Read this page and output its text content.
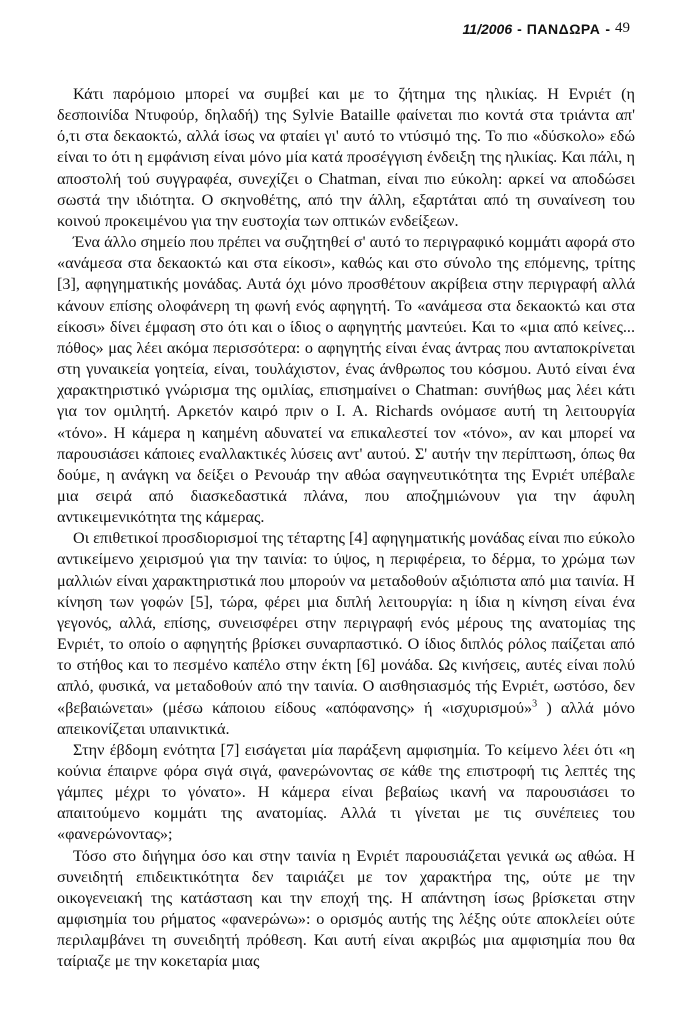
11/2006 - ΠΑΝΔΩΡΑ - 49

Κάτι παρόμοιο μπορεί να συμβεί και με το ζήτημα της ηλικίας. Η Ενριέτ (η δεσποινίδα Ντυφούρ, δηλαδή) της Sylvie Bataille φαίνεται πιο κοντά στα τριάντα απ' ό,τι στα δεκαοκτώ, αλλά ίσως να φταίει γι' αυτό το ντύσιμό της. Το πιο «δύσκολο» εδώ είναι το ότι η εμφάνιση είναι μόνο μία κατά προσέγγιση ένδειξη της ηλικίας. Και πάλι, η αποστολή τού συγγραφέα, συνεχίζει ο Chatman, είναι πιο εύκολη: αρκεί να αποδώσει σωστά την ιδιότητα. Ο σκηνοθέτης, από την άλλη, εξαρτάται από τη συναίνεση του κοινού προκειμένου για την ευστοχία των οπτικών ενδείξεων.

Ένα άλλο σημείο που πρέπει να συζητηθεί σ' αυτό το περιγραφικό κομμάτι αφορά στο «ανάμεσα στα δεκαοκτώ και στα είκοσι», καθώς και στο σύνολο της επόμενης, τρίτης [3], αφηγηματικής μονάδας. Αυτά όχι μόνο προσθέτουν ακρίβεια στην περιγραφή αλλά κάνουν επίσης ολοφάνερη τη φωνή ενός αφηγητή. Το «ανάμεσα στα δεκαοκτώ και στα είκοσι» δίνει έμφαση στο ότι και ο ίδιος ο αφηγητής μαντεύει. Και το «μια από κείνες... πόθος» μας λέει ακόμα περισσότερα: ο αφηγητής είναι ένας άντρας που ανταποκρίνεται στη γυναικεία γοητεία, είναι, τουλάχιστον, ένας άνθρωπος του κόσμου. Αυτό είναι ένα χαρακτηριστικό γνώρισμα της ομιλίας, επισημαίνει ο Chatman: συνήθως μας λέει κάτι για τον ομιλητή. Αρκετόν καιρό πριν ο I. A. Richards ονόμασε αυτή τη λειτουργία «τόνο». Η κάμερα η καημένη αδυνατεί να επικαλεστεί τον «τόνο», αν και μπορεί να παρουσιάσει κάποιες εναλλακτικές λύσεις αντ' αυτού. Σ' αυτήν την περίπτωση, όπως θα δούμε, η ανάγκη να δείξει ο Ρενουάρ την αθώα σαγηνευτικότητα της Ενριέτ υπέβαλε μια σειρά από διασκεδαστικά πλάνα, που αποζημιώνουν για την άφυλη αντικειμενικότητα της κάμερας.

Οι επιθετικοί προσδιορισμοί της τέταρτης [4] αφηγηματικής μονάδας είναι πιο εύκολο αντικείμενο χειρισμού για την ταινία: το ύψος, η περιφέρεια, το δέρμα, το χρώμα των μαλλιών είναι χαρακτηριστικά που μπορούν να μεταδοθούν αξιόπιστα από μια ταινία. Η κίνηση των γοφών [5], τώρα, φέρει μια διπλή λειτουργία: η ίδια η κίνηση είναι ένα γεγονός, αλλά, επίσης, συνεισφέρει στην περιγραφή ενός μέρους της ανατομίας της Ενριέτ, το οποίο ο αφηγητής βρίσκει συναρπαστικό. Ο ίδιος διπλός ρόλος παίζεται από το στήθος και το πεσμένο καπέλο στην έκτη [6] μονάδα. Ως κινήσεις, αυτές είναι πολύ απλό, φυσικά, να μεταδοθούν από την ταινία. Ο αισθησιασμός τής Ενριέτ, ωστόσο, δεν «βεβαιώνεται» (μέσω κάποιου είδους «απόφανσης» ή «ισχυρισμού»$^3$ ) αλλά μόνο απεικονίζεται υπαινικτικά.

Στην έβδομη ενότητα [7] εισάγεται μία παράξενη αμφισημία. Το κείμενο λέει ότι «η κούνια έπαιρνε φόρα σιγά σιγά, φανερώνοντας σε κάθε της επιστροφή τις λεπτές της γάμπες μέχρι το γόνατο». Η κάμερα είναι βεβαίως ικανή να παρουσιάσει το απαιτούμενο κομμάτι της ανατομίας. Αλλά τι γίνεται με τις συνέπειες του «φανερώνοντας»;

Τόσο στο διήγημα όσο και στην ταινία η Ενριέτ παρουσιάζεται γενικά ως αθώα. Η συνειδητή επιδεικτικότητα δεν ταιριάζει με τον χαρακτήρα της, ούτε με την οικογενειακή της κατάσταση και την εποχή της. Η απάντηση ίσως βρίσκεται στην αμφισημία του ρήματος «φανερώνω»: ο ορισμός αυτής της λέξης ούτε αποκλείει ούτε περιλαμβάνει τη συνειδητή πρόθεση. Και αυτή είναι ακριβώς μια αμφισημία που θα ταίριαζε με την κοκεταρία μιας
